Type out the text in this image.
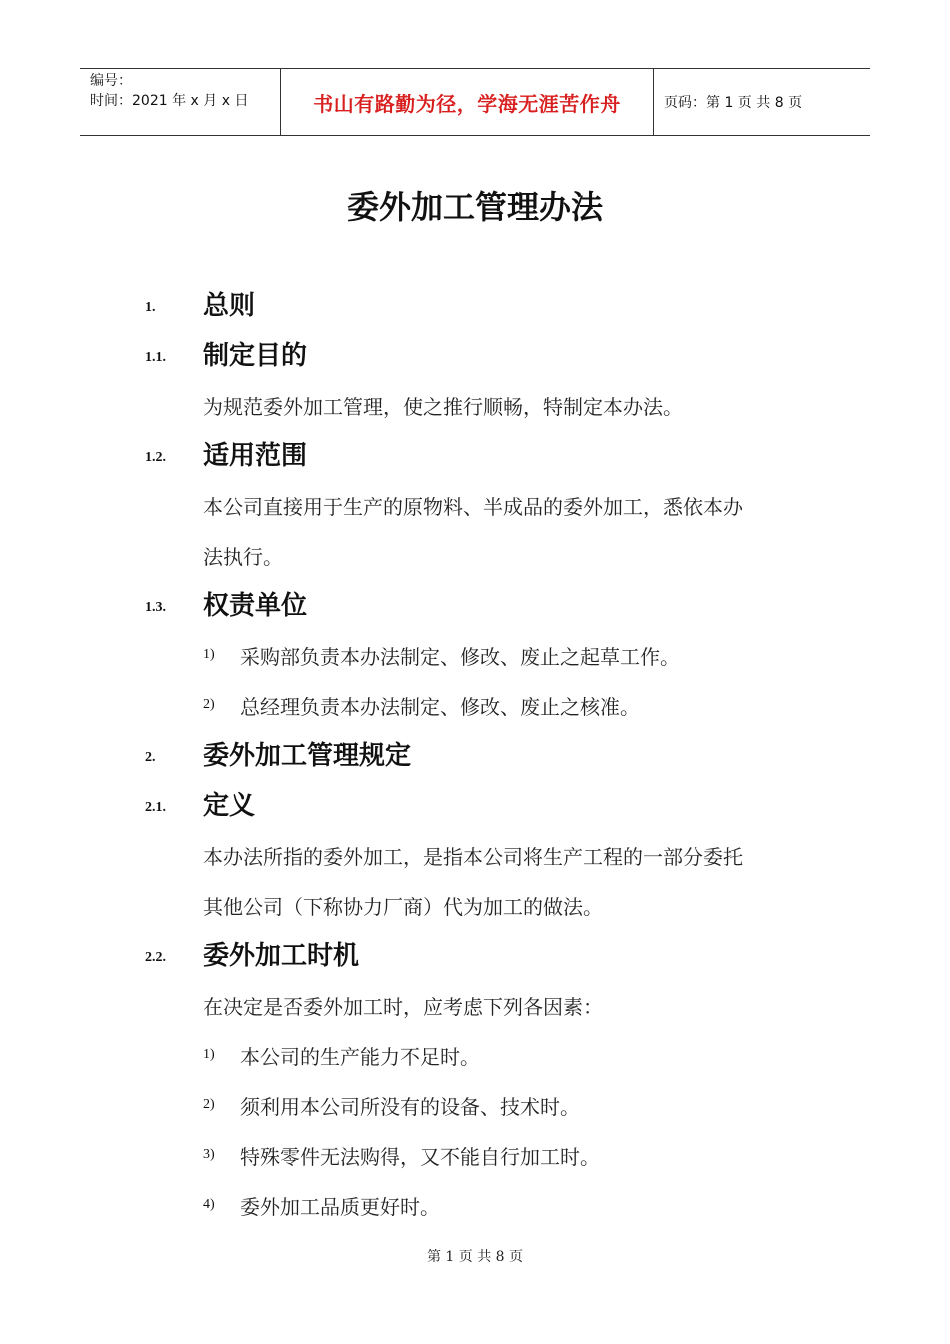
编号：
时间：2021 年 x 月 x 日	书山有路勤为径，学海无涯苦作舟	页码：第 1 页 共 8 页
委外加工管理办法
1. 总则
1.1. 制定目的
为规范委外加工管理，使之推行顺畅，特制定本办法。
1.2. 适用范围
本公司直接用于生产的原物料、半成品的委外加工，悉依本办
法执行。
1.3. 权责单位
1) 采购部负责本办法制定、修改、废止之起草工作。
2) 总经理负责本办法制定、修改、废止之核准。
2. 委外加工管理规定
2.1. 定义
本办法所指的委外加工，是指本公司将生产工程的一部分委托
其他公司（下称协力厂商）代为加工的做法。
2.2. 委外加工时机
在决定是否委外加工时，应考虑下列各因素：
1) 本公司的生产能力不足时。
2) 须利用本公司所没有的设备、技术时。
3) 特殊零件无法购得，又不能自行加工时。
4) 委外加工品质更好时。
第 1 页 共 8 页
